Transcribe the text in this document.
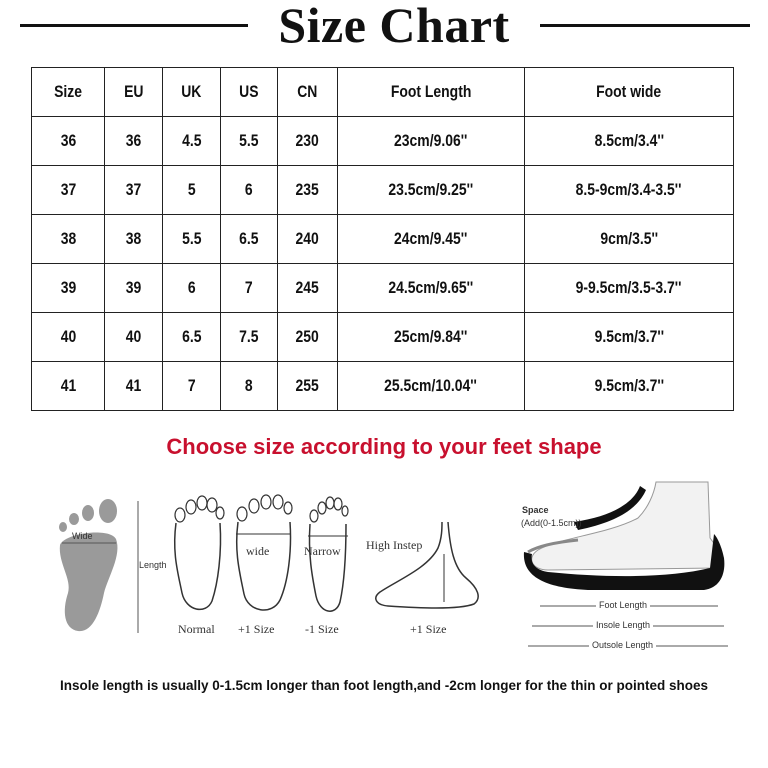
Size Chart
Size	EU	UK	US	CN	Foot Length	Foot wide
36	36	4.5	5.5	230	23cm/9.06''	8.5cm/3.4''
37	37	5	6	235	23.5cm/9.25''	8.5-9cm/3.4-3.5''
38	38	5.5	6.5	240	24cm/9.45''	9cm/3.5''
39	39	6	7	245	24.5cm/9.65''	9-9.5cm/3.5-3.7''
40	40	6.5	7.5	250	25cm/9.84''	9.5cm/3.7''
41	41	7	8	255	25.5cm/10.04''	9.5cm/3.7''
Choose size according to your feet shape
Wide
Length
Normal
wide
+1 Size
Narrow
-1 Size
High Instep
+1 Size
Space
(Add(0-1.5cm))
Foot Length
Insole Length
Outsole Length
Insole length is usually 0-1.5cm longer than foot length,and -2cm longer for the thin or pointed shoes
